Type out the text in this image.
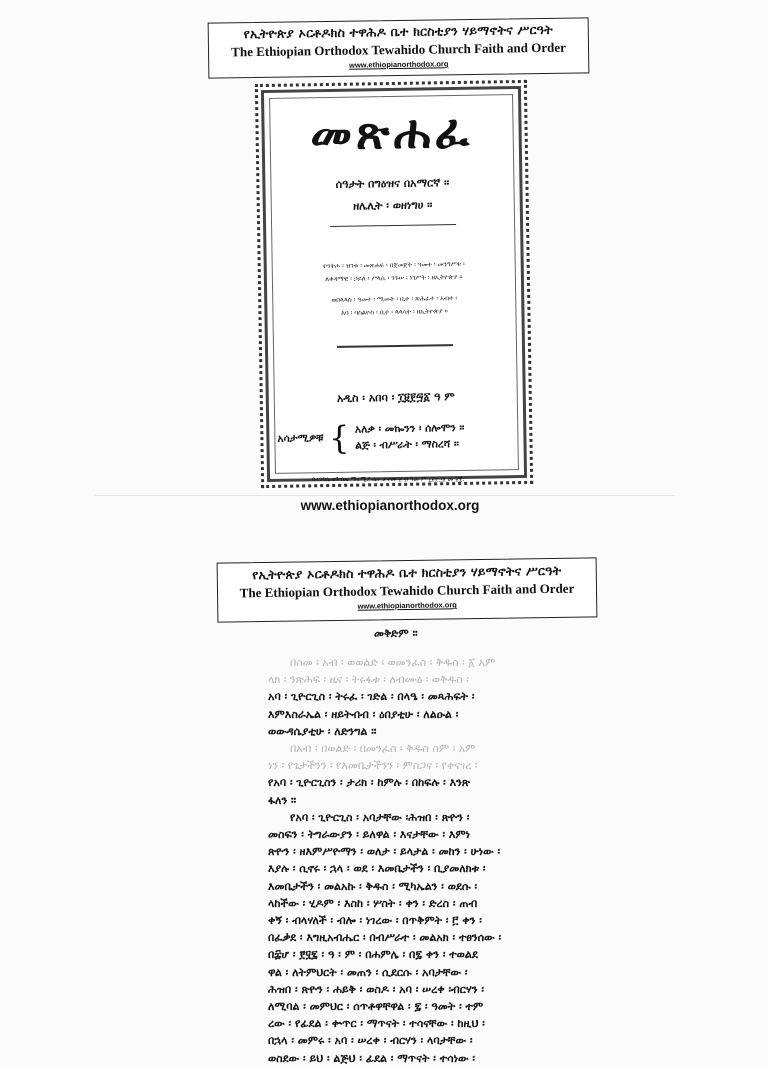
የኢትዮጵያ ኦርቶዶክስ ተዋሕዶ ቤተ ክርስቲያን ሃይማኖትና ሥርዓት
The Ethiopian Orthodox Tewahido Church Faith and Order
www.ethiopianorthodox.org
መጽሐፈ
ሰዓታት በግዕዝና በአማርኛ ።
ዘሌሊት ፡ ወዘነግሀ ።
ተንትሖ ፡ ዝንቱ ፡ መጽሐፍ ፡ በጀመጀት ፡ ዓመተ ፡ መንግሥቱ ፡
ለቀዳማዊ ፡ ኃይለ ፡ ሥላሴ ፡ ንጉሠ ፡ ነገሥት ፡ ዘኢትዮጵያ ።
ወበጳጳስ ፡ ዓመተ ፡ ሚመት ፡ ቢተ ፡ ጽሕፈተ ፡ አብተ ፡
እባ ፡ ባስልዮስ ፡ ቢተ ፡ ጳጳሳት ፡ ዘኢትዮጵያ ።
አዲስ ፡ አበባ ፡ ፲፱፻፵፩ ዓ ም
አሳታሚዎቹ { አለቃ ፡ መኰንን ፡ ሰሎሞን ።
ልጅ ፡ ብሥራት ፡ ማስረሻ ።
በተንግሌ ዘጉብኤ ማተሚያ ቤት ታተመ ፳ ፴ ዓመ ም ፲፱፻፵፩ መ ፳፪.
www.ethiopianorthodox.org
የኢትዮጵያ ኦርቶዶክስ ተዋሕዶ ቤተ ክርስቲያን ሃይማኖትና ሥርዓት
The Ethiopian Orthodox Tewahido Church Faith and Order
www.ethiopianorthodox.org
መቅድም ።
በስመ ፡ አብ ፡ ወወልድ ፡ ወመንፈስ ፡ ቅዱስ ፡ ፩ አም
ላክ ፡ ንጽሕፍ ፡ ዜና ፡ ትሩፋቱ ፡ ለብሙዕ ፡ ወቅዱስ ፡
አባ ፡ ጊዮርጊስ ፡ ትሩፈ ፡ ገድል ፡ በላዔ ፡ መጻሕፍት ፡
እምእስራኤል ፡ ዘይትብብ ፡ ዕበያቲሁ ፡ ለልዑል ፡
ወውዳሴያቲሁ ፡ ለድንግል ።
በአብ ፡ በወልድ ፡ በመንፈስ ፡ ቅዱስ ስም ፡ አም
ነን ፡ የጌታችንን ፡ የእመቤታችንን ፡ ምስጋና ፡ የቀናገረ ፡
የአባ ፡ ጊዮርጊስን ፡ ታሪክ ፡ ከምሉ ፡ በከፍሉ ፡ እንጽ
ፋለን ።
የአባ ፡ ጊዮርጊስ ፡ አባታቸው ፡ሕዝበ ፡ ጽዮን ፡
መስፍን ፡ ትግራውያን ፡ ይለዋል ፡ እናታቸው ፡ እምነ
ጽዮን ፡ ዘእምሥዮማን ፡ ወለታ ፡ ይላታል ፡ መከን ፡ ሁነው ፡
እያሉ ፡ ሲኖሩ ፡ ኋላ ፡ ወደ ፡ እመቤታችን ፡ ቢያመለክቱ ፡
እመቤታችን ፡ መልአኩ ፡ ቅዱስ ፡ ሚካኤልን ፡ ወደሱ ፡
ላከችው ፡ ሂዶም ፡ እስከ ፡ ሦስት ፡ ቀን ፡ ድረስ ፡ ጠብ
ቀኝ ፡ ብላሃለች ፡ ብሎ ፡ ነገረው ፡ በጥቅምት ፡ ፫ ቀን ፡
በፈቃደ ፡ እግዚአብሔር ፡ በብሥራተ ፡ መልአክ ፡ ተፀንሰው ፡
በ፰ሆ ፡ ፻፶፯ ፡ ዓ ፡ ም ፡ በሐምሌ ፡ በ፯ ቀን ፡ ተወልደ
ዋል ፡ ለትምህርት ፡ መጠን ፡ ሲደርሱ ፡ አባታቸው ፡
ሕዝበ ፡ ጽዮን ፡ ሐይቅ ፡ ወስዶ ፡ አባ ፡ ሠረቀ ፡ብርሃን ፡
ለሚባል ፡ መምህር ፡ ሰጥቶዋቸዋል ፡ ፯ ፡ ዓመት ፡ ተም
ረው ፡ የፊደል ፡ ቍጥር ፡ ማጥናት ፡ ተሳናቸው ፡ ከዚህ ፡
በኋላ ፡ መምሩ ፡ አባ ፡ ሠረቀ ፡ ብርሃን ፡ ላባታቸው ፡
ወስደው ፡ ይህ ፡ ልጅህ ፡ ፊደል ፡ ማጥናት ፡ ተሳነው ፡
